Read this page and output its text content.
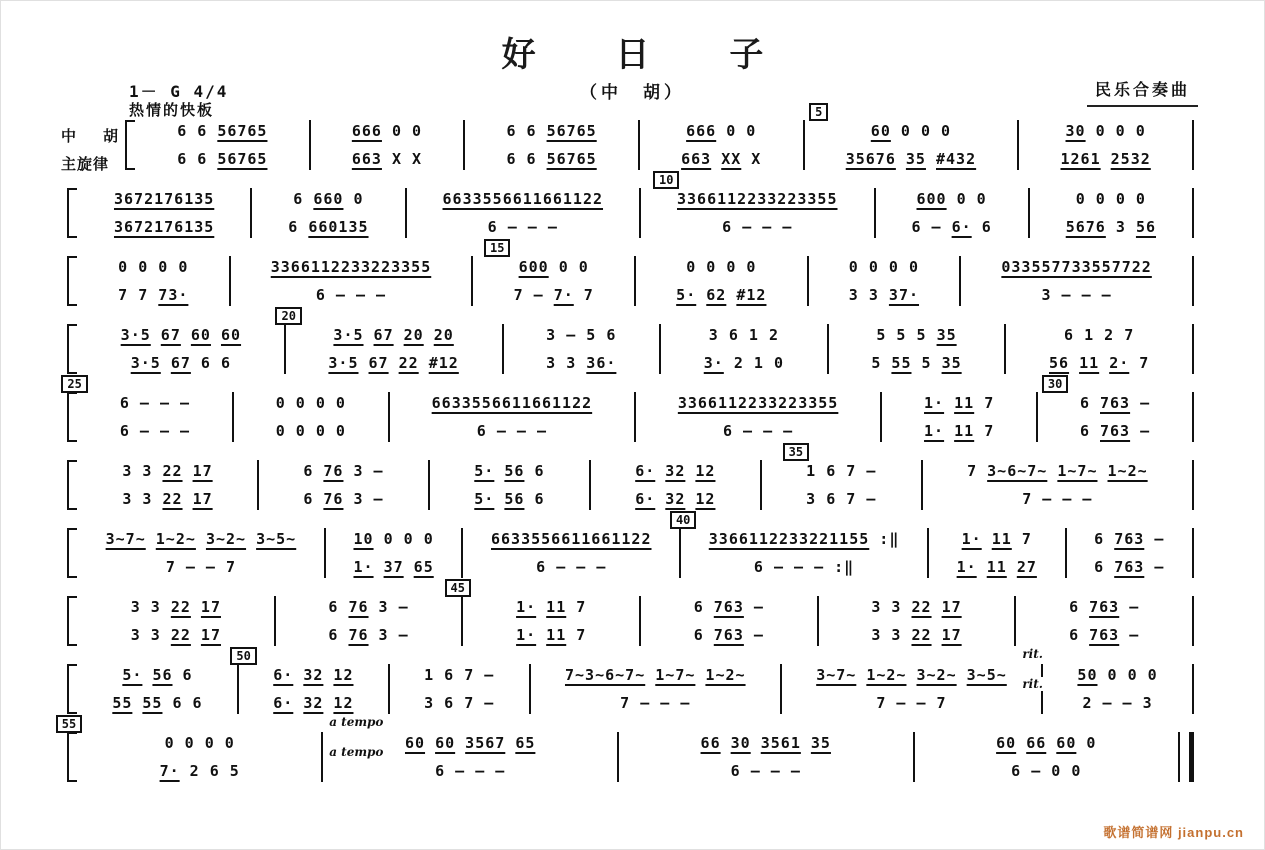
好 日 子
（中　胡）	民乐合奏曲
1－ G 4/4
热情的快板
中　胡
主旋律
5
6 6 56765
6 6 56765
666 0 0
663 X X
6 6 56765
6 6 56765
666 0 0
663 XX X
60 0 0 0
35676 35 #432
30 0 0 0
1261 2532
10
3672176135
3672176135
6 660 0
6 660135
6633556611661122
6 — — —
3366112233223355
6 — — —
600 0 0
6 — 6· 6
0 0 0 0
5676 3 56
15
0 0 0 0
7 7 73·
3366112233223355
6 — — —
600 0 0
7 — 7· 7
0 0 0 0
5· 62 #12
0 0 0 0
3 3 37·
033557733557722
3 — — —
20
3·5 67 60 60
3·5 67 6 6
3·5 67 20 20
3·5 67 22 #12
3 — 5 6
3 3 36·
3 6 1 2
3· 2 1 0
5 5 5 35
5 55 5 35
6 1 2 7
56 11 2· 7
25	30
6 — — —
6 — — —
0 0 0 0
0 0 0 0
6633556611661122
6 — — —
3366112233223355
6 — — —
1· 11 7
1· 11 7
6 763 —
6 763 —
35
3 3 22 17
3 3 22 17
6 76 3 —
6 76 3 —
5· 56 6
5· 56 6
6· 32 12
6· 32 12
1 6 7 —
3 6 7 —
7 3~6~7~ 1~7~ 1~2~
7 — — —
40
3~7~ 1~2~ 3~2~ 3~5~
7 — — 7
10 0 0 0
1· 37 65
6633556611661122
6 — — —
3366112233221155 :‖
6 — — — :‖
1· 11 7
1· 11 27
6 763 —
6 763 —
45
3 3 22 17
3 3 22 17
6 76 3 —
6 76 3 —
1· 11 7
1· 11 7
6 763 —
6 763 —
3 3 22 17
3 3 22 17
6 763 —
6 763 —
50	rit.
rit.
5· 56 6
55 55 6 6
6· 32 12
6· 32 12
1 6 7 —
3 6 7 —
7~3~6~7~ 1~7~ 1~2~
7 — — —
3~7~ 1~2~ 3~2~ 3~5~
7 — — 7
50 0 0 0
2 — — 3
55	a tempo
a tempo
0 0 0 0
7· 2 6 5
60 60 3567 65
6 — — —
66 30 3561 35
6 — — —
60 66 60 0
6 — 0 0
歌谱简谱网 jianpu.cn
